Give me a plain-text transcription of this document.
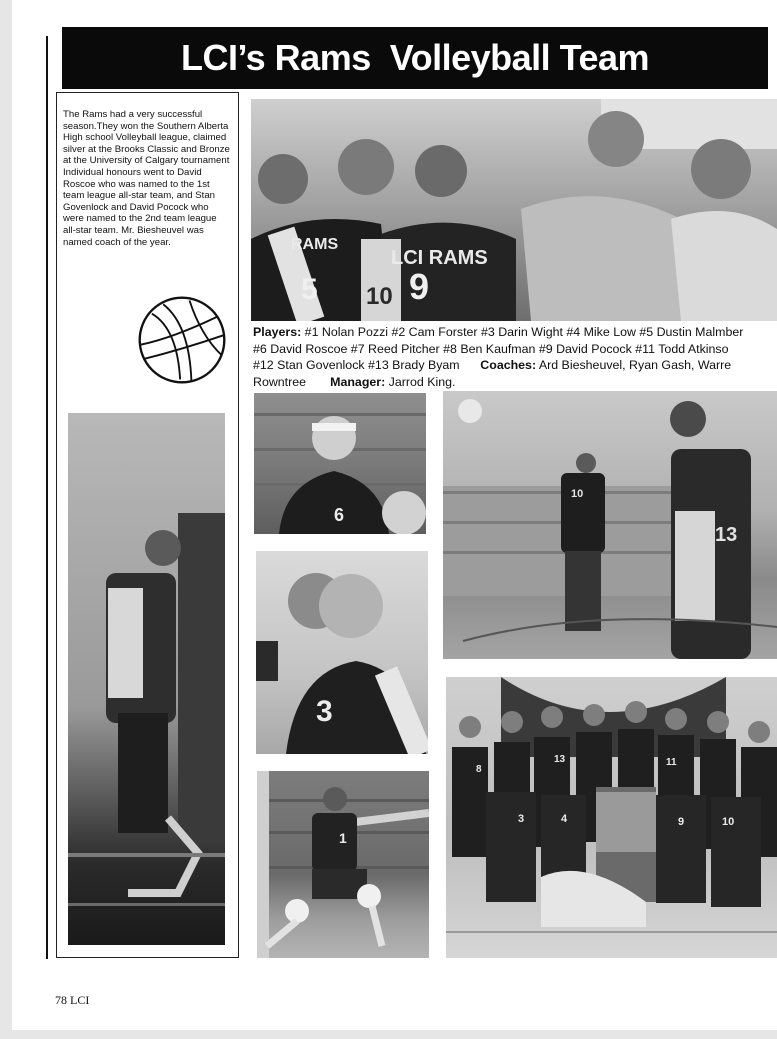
LCI’s Rams  Volleyball Team
The Rams had a very successful season.They won the Southern Alberta High school Volleyball league, claimed silver at the Brooks Classic and Bronze at the University of Calgary tournament Individual honours went to David Roscoe who was named to the 1st team league all-star team, and Stan Govenlock and David Pocock who were named to the 2nd team league all-star team. Mr. Biesheuvel was named coach of the year.
5	9
10
LCI RAMS
RAMS
Players: #1 Nolan Pozzi #2 Cam Forster #3 Darin Wight #4 Mike Low #5 Dustin Malmber
#6 David Roscoe #7 Reed Pitcher #8 Ben Kaufman #9 David Pocock #11 Todd Atkinso
#12 Stan Govenlock #13 Brady Byam Coaches: Ard Biesheuvel, Ryan Gash, Warre
Rowntree Manager: Jarrod King.
6
10
13
3
1
8
13	11
3	4	9	10
78 LCI
